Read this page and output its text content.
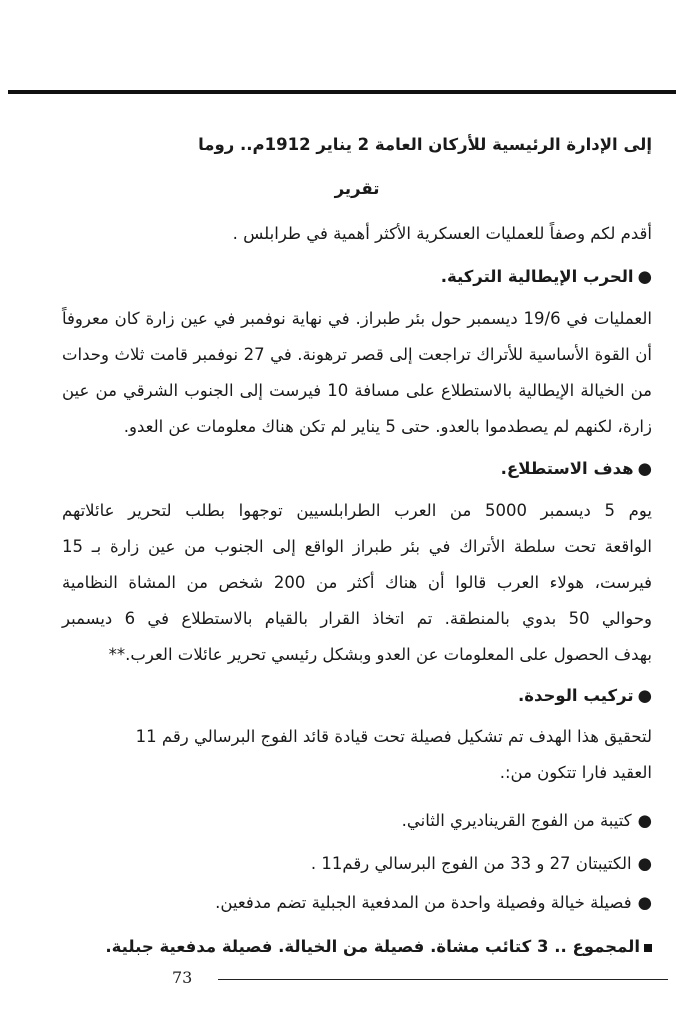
إلى الإدارة الرئيسية للأركان العامة 2 يناير 1912م.. روما
تقرير
أقدم لكم وصفاً للعمليات العسكرية الأكثر أهمية في طرابلس .
●الحرب الإيطالية التركية.
العمليات في 19/6 ديسمبر حول بئر طبراز. في نهاية نوفمبر في عين زارة كان معروفاً
أن القوة الأساسية للأتراك تراجعت إلى قصر ترهونة. في 27 نوفمبر قامت ثلاث وحدات
من الخيالة الإيطالية بالاستطلاع على مسافة 10 فيرست إلى الجنوب الشرقي من عين
زارة، لكنهم لم يصطدموا بالعدو. حتى 5 يناير لم تكن هناك معلومات عن العدو.
●هدف الاستطلاع.
يوم 5 ديسمبر 5000 من العرب الطرابلسيين توجهوا بطلب لتحرير عائلاتهم
الواقعة تحت سلطة الأتراك في بئر طبراز الواقع إلى الجنوب من عين زارة بـ 15
فيرست، هولاء العرب قالوا أن هناك أكثر من 200 شخص من المشاة النظامية
وحوالي 50 بدوي بالمنطقة. تم اتخاذ القرار بالقيام بالاستطلاع في 6 ديسمبر
بهدف الحصول على المعلومات عن العدو وبشكل رئيسي تحرير عائلات العرب.**
●تركيب الوحدة.
لتحقيق هذا الهدف تم تشكيل فصيلة تحت قيادة قائد الفوج البرسالي رقم 11
العقيد فارا تتكون من:.
●كتيبة من الفوج القريناديري الثاني.
●الكتيبتان 27 و 33 من الفوج البرسالي رقم11 .
●فصيلة خيالة وفصيلة واحدة من المدفعية الجبلية تضم مدفعين.
المجموع .. 3 كتائب مشاة. فصيلة من الخيالة. فصيلة مدفعية جبلية.
73
